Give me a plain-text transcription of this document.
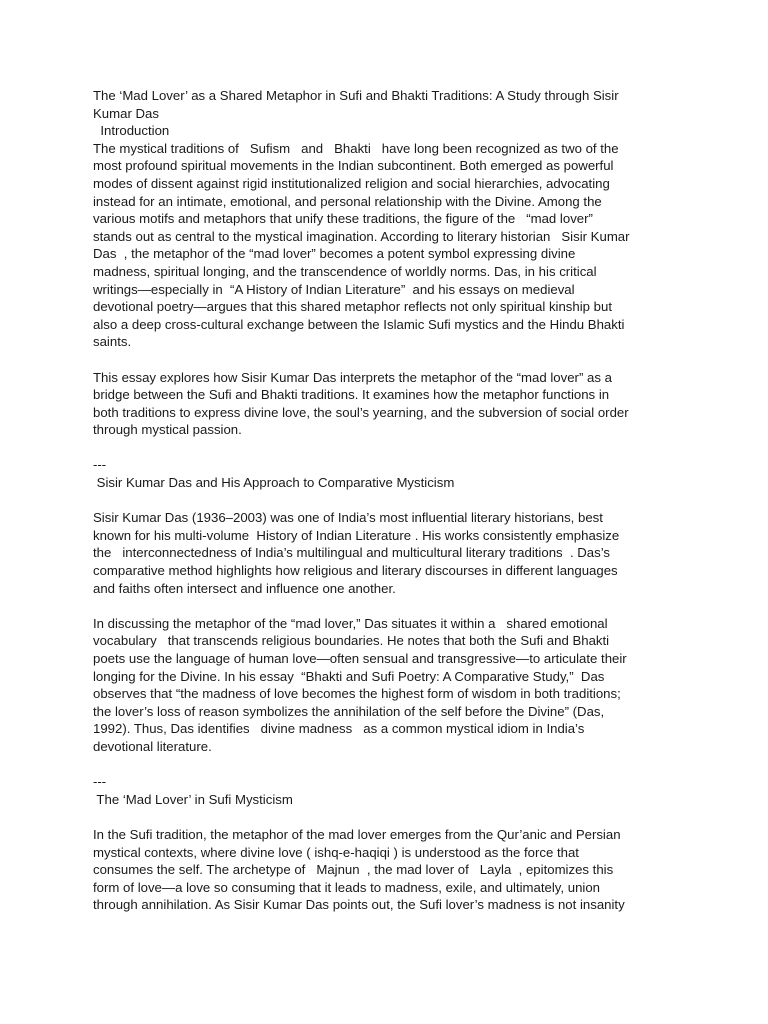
The ‘Mad Lover’ as a Shared Metaphor in Sufi and Bhakti Traditions: A Study through Sisir
Kumar Das
Introduction
The mystical traditions of   Sufism   and   Bhakti   have long been recognized as two of the
most profound spiritual movements in the Indian subcontinent. Both emerged as powerful
modes of dissent against rigid institutionalized religion and social hierarchies, advocating
instead for an intimate, emotional, and personal relationship with the Divine. Among the
various motifs and metaphors that unify these traditions, the figure of the   “mad lover”
stands out as central to the mystical imagination. According to literary historian   Sisir Kumar
Das  , the metaphor of the “mad lover” becomes a potent symbol expressing divine
madness, spiritual longing, and the transcendence of worldly norms. Das, in his critical
writings—especially in  “A History of Indian Literature”  and his essays on medieval
devotional poetry—argues that this shared metaphor reflects not only spiritual kinship but
also a deep cross-cultural exchange between the Islamic Sufi mystics and the Hindu Bhakti
saints.
This essay explores how Sisir Kumar Das interprets the metaphor of the “mad lover” as a
bridge between the Sufi and Bhakti traditions. It examines how the metaphor functions in
both traditions to express divine love, the soul’s yearning, and the subversion of social order
through mystical passion.
---
Sisir Kumar Das and His Approach to Comparative Mysticism
Sisir Kumar Das (1936–2003) was one of India’s most influential literary historians, best
known for his multi-volume  History of Indian Literature . His works consistently emphasize
the   interconnectedness of India’s multilingual and multicultural literary traditions  . Das’s
comparative method highlights how religious and literary discourses in different languages
and faiths often intersect and influence one another.
In discussing the metaphor of the “mad lover,” Das situates it within a   shared emotional
vocabulary   that transcends religious boundaries. He notes that both the Sufi and Bhakti
poets use the language of human love—often sensual and transgressive—to articulate their
longing for the Divine. In his essay  “Bhakti and Sufi Poetry: A Comparative Study,”  Das
observes that “the madness of love becomes the highest form of wisdom in both traditions;
the lover’s loss of reason symbolizes the annihilation of the self before the Divine” (Das,
1992). Thus, Das identifies   divine madness   as a common mystical idiom in India’s
devotional literature.
---
The ‘Mad Lover’ in Sufi Mysticism
In the Sufi tradition, the metaphor of the mad lover emerges from the Qur’anic and Persian
mystical contexts, where divine love ( ishq-e-haqiqi ) is understood as the force that
consumes the self. The archetype of   Majnun  , the mad lover of   Layla  , epitomizes this
form of love—a love so consuming that it leads to madness, exile, and ultimately, union
through annihilation. As Sisir Kumar Das points out, the Sufi lover’s madness is not insanity
